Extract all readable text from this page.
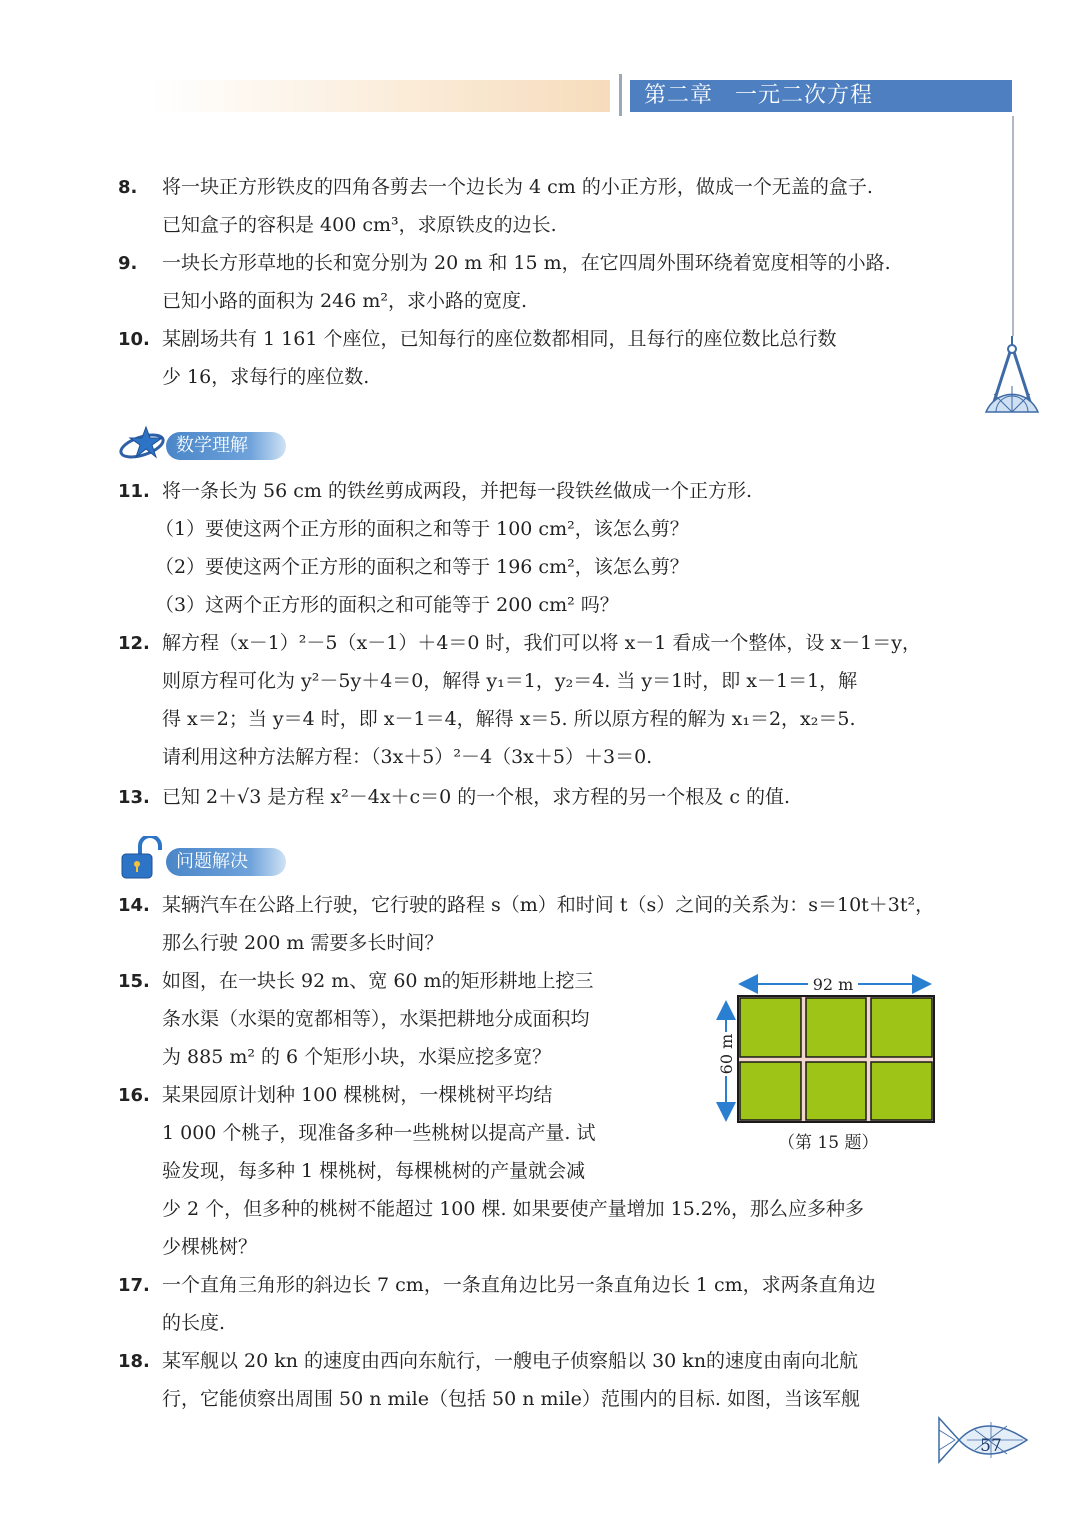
第二章 一元二次方程
8. 将一块正方形铁皮的四角各剪去一个边长为 4 cm 的小正方形，做成一个无盖的盒子.
已知盒子的容积是 400 cm³，求原铁皮的边长.
9. 一块长方形草地的长和宽分别为 20 m 和 15 m，在它四周外围环绕着宽度相等的小路.
已知小路的面积为 246 m²，求小路的宽度.
10. 某剧场共有 1 161 个座位，已知每行的座位数都相同，且每行的座位数比总行数
少 16，求每行的座位数.
数学理解
11. 将一条长为 56 cm 的铁丝剪成两段，并把每一段铁丝做成一个正方形.
（1）要使这两个正方形的面积之和等于 100 cm²，该怎么剪？
（2）要使这两个正方形的面积之和等于 196 cm²，该怎么剪？
（3）这两个正方形的面积之和可能等于 200 cm² 吗？
12. 解方程（x－1）²－5（x－1）＋4＝0 时，我们可以将 x－1 看成一个整体，设 x－1＝y，
则原方程可化为 y²－5y＋4＝0，解得 y₁＝1，y₂＝4. 当 y＝1时，即 x－1＝1，解
得 x＝2；当 y＝4 时，即 x－1＝4，解得 x＝5. 所以原方程的解为 x₁＝2，x₂＝5.
请利用这种方法解方程：（3x＋5）²－4（3x＋5）＋3＝0.
13. 已知 2＋√3 是方程 x²－4x＋c＝0 的一个根，求方程的另一个根及 c 的值.
问题解决
14. 某辆汽车在公路上行驶，它行驶的路程 s（m）和时间 t（s）之间的关系为：s＝10t＋3t²，
那么行驶 200 m 需要多长时间？
15. 如图，在一块长 92 m、宽 60 m的矩形耕地上挖三
条水渠（水渠的宽都相等），水渠把耕地分成面积均
为 885 m² 的 6 个矩形小块，水渠应挖多宽？
16. 某果园原计划种 100 棵桃树，一棵桃树平均结
1 000 个桃子，现准备多种一些桃树以提高产量. 试
验发现，每多种 1 棵桃树，每棵桃树的产量就会减
少 2 个，但多种的桃树不能超过 100 棵. 如果要使产量增加 15.2%，那么应多种多
少棵桃树？
92 m
60 m
（第 15 题）
17. 一个直角三角形的斜边长 7 cm，一条直角边比另一条直角边长 1 cm，求两条直角边
的长度.
18. 某军舰以 20 kn 的速度由西向东航行，一艘电子侦察船以 30 kn的速度由南向北航
行，它能侦察出周围 50 n mile（包括 50 n mile）范围内的目标. 如图，当该军舰
57
